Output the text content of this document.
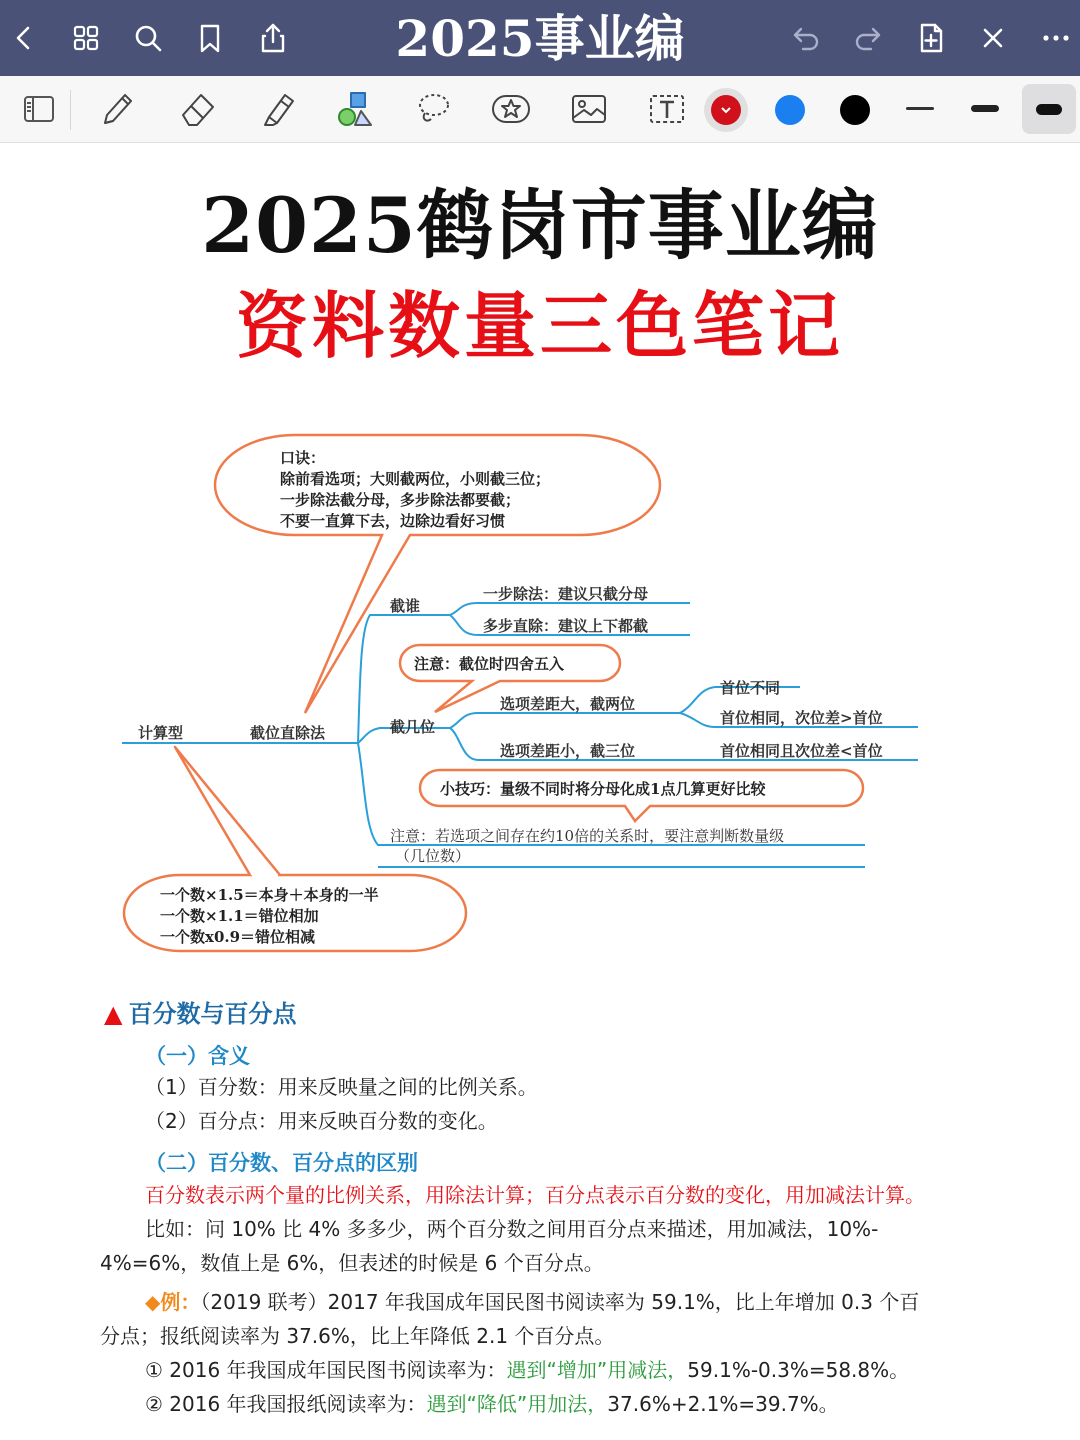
2025事业编
2025鹤岗市事业编
资料数量三色笔记
口诀：
除前看选项；大则截两位，小则截三位；
一步除法截分母，多步除法都要截；
不要一直算下去，边除边看好习惯
计算型	截位直除法
截谁
一步除法：建议只截分母
多步直除：建议上下都截
注意：截位时四舍五入
截几位
选项差距大，截两位
选项差距小，截三位
首位不同
首位相同，次位差>首位
首位相同且次位差<首位
小技巧：量级不同时将分母化成1点几算更好比较
注意：若选项之间存在约10倍的关系时，要注意判断数量级
（几位数）
一个数×1.5＝本身＋本身的一半
一个数×1.1＝错位相加
一个数x0.9＝错位相减
▲ 百分数与百分点
（一）含义
（1）百分数：用来反映量之间的比例关系。
（2）百分点：用来反映百分数的变化。
（二）百分数、百分点的区别
百分数表示两个量的比例关系，用除法计算；百分点表示百分数的变化，用加减法计算。
比如：问 10% 比 4% 多多少，两个百分数之间用百分点来描述，用加减法，10%-
4%=6%，数值上是 6%，但表述的时候是 6 个百分点。
◆例：（2019 联考）2017 年我国成年国民图书阅读率为 59.1%，比上年增加 0.3 个百
分点；报纸阅读率为 37.6%，比上年降低 2.1 个百分点。
① 2016 年我国成年国民图书阅读率为：遇到“增加”用减法，59.1%-0.3%=58.8%。
② 2016 年我国报纸阅读率为：遇到“降低”用加法，37.6%+2.1%=39.7%。
